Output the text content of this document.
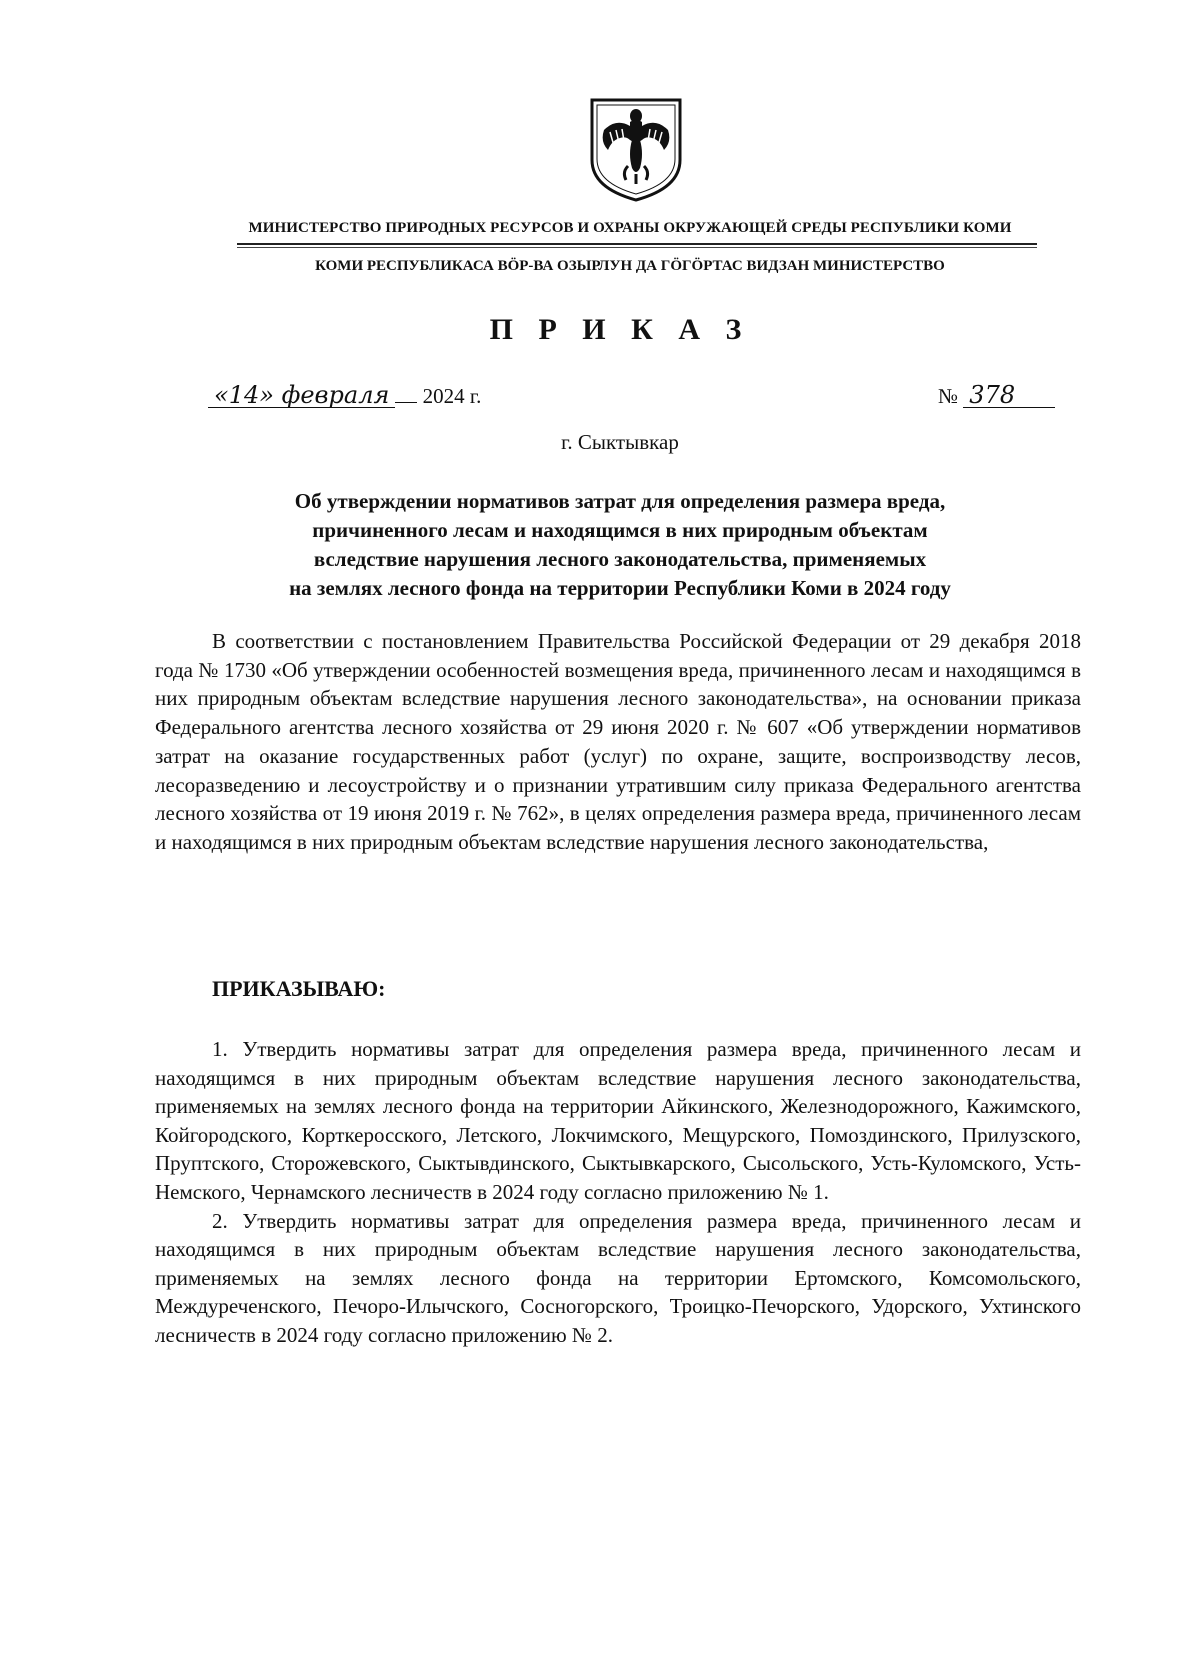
МИНИСТЕРСТВО ПРИРОДНЫХ РЕСУРСОВ И ОХРАНЫ ОКРУЖАЮЩЕЙ СРЕДЫ РЕСПУБЛИКИ КОМИ
КОМИ РЕСПУБЛИКАСА ВÖР-ВА ОЗЫРЛУН ДА ГÖГÖРТАС ВИДЗАН МИНИСТЕРСТВО
П Р И К А З
«14» февраля 2024 г.	№ 378
г. Сыктывкар
Об утверждении нормативов затрат для определения размера вреда,
причиненного лесам и находящимся в них природным объектам
вследствие нарушения лесного законодательства, применяемых
на землях лесного фонда на территории Республики Коми в 2024 году

В соответствии с постановлением Правительства Российской Федерации от 29 декабря 2018 года № 1730 «Об утверждении особенностей возмещения вреда, причиненного лесам и находящимся в них природным объектам вследствие нарушения лесного законодательства», на основании приказа Федерального агентства лесного хозяйства от 29 июня 2020 г. № 607 «Об утверждении нормативов затрат на оказание государственных работ (услуг) по охране, защите, воспроизводству лесов, лесоразведению и лесоустройству и о признании утратившим силу приказа Федерального агентства лесного хозяйства от 19 июня 2019 г. № 762», в целях определения размера вреда, причиненного лесам и находящимся в них природным объектам вследствие нарушения лесного законодательства,

ПРИКАЗЫВАЮ:

1. Утвердить нормативы затрат для определения размера вреда, причиненного лесам и находящимся в них природным объектам вследствие нарушения лесного законодательства, применяемых на землях лесного фонда на территории Айкинского, Железнодорожного, Кажимского, Койгородского, Корткеросского, Летского, Локчимского, Мещурского, Помоздинского, Прилузского, Пруптского, Сторожевского, Сыктывдинского, Сыктывкарского, Сысольского, Усть-Куломского, Усть-Немского, Чернамского лесничеств в 2024 году согласно приложению № 1.

2. Утвердить нормативы затрат для определения размера вреда, причиненного лесам и находящимся в них природным объектам вследствие нарушения лесного законодательства, применяемых на землях лесного фонда на территории Ертомского, Комсомольского, Междуреченского, Печоро-Илычского, Сосногорского, Троицко-Печорского, Удорского, Ухтинского лесничеств в 2024 году согласно приложению № 2.
